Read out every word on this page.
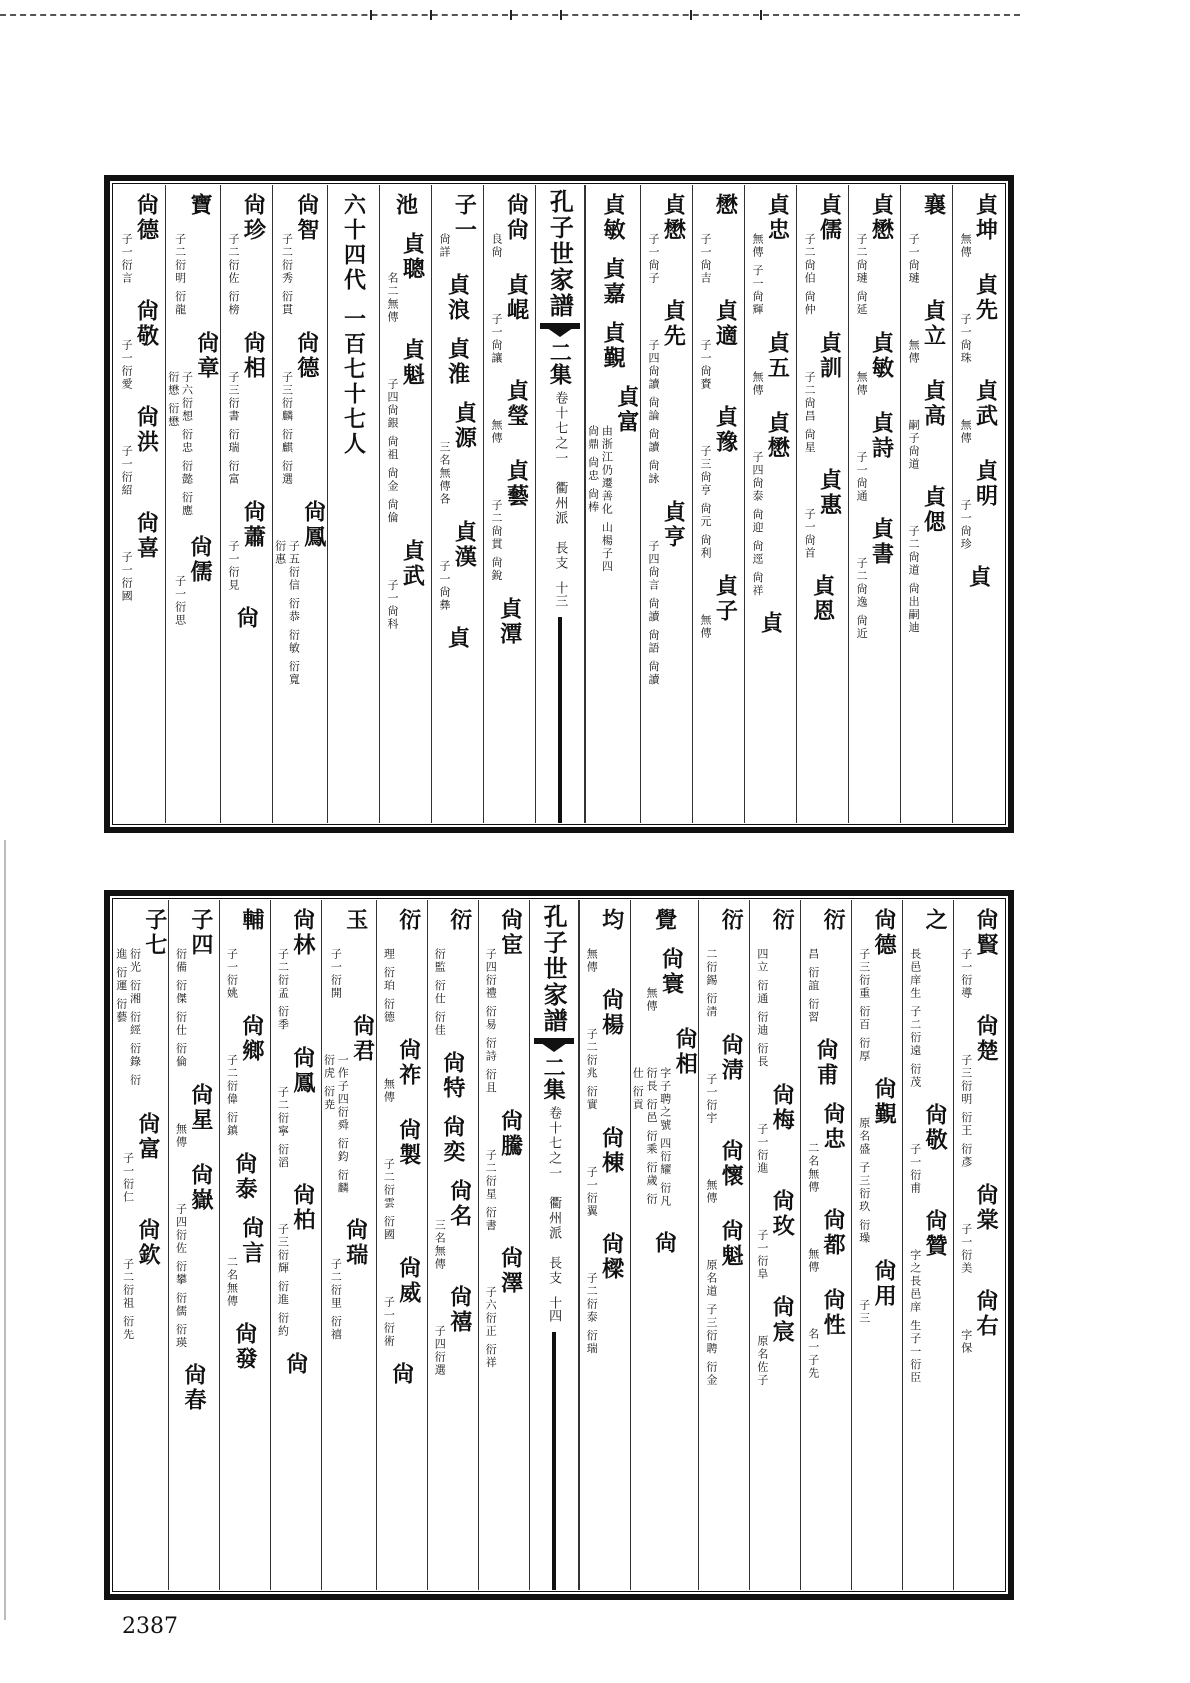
貞坤
無傳
貞先
子一尙珠
貞武
無傳
貞明
子一尙珍
貞
襄
子一尙璉
貞立
無傳
貞高
嗣子尙道
貞偲
子二尙道 尙出嗣迪
貞懋
子二尙璉 尙延
貞敏
無傳
貞詩
子一尙通
貞書
子二尙逸 尙近
貞儒
子二尙伯 尙仲
貞訓
子二尙昌 尙星
貞惠
子一尙首
貞恩
貞忠
無傳 子一尙輝
貞五
無傳
貞懋
子四尙泰 尙迎 尙逕 尙祥
貞
懋
子一尙吉
貞適
子一尙賚
貞豫
子三尙亨 尙元 尙利
貞子
無傳
貞懋
子一尙子
貞先
子四尙讀 尙論 尙讀 尙詠
貞亨
子四尙言 尙讀 尙語 尙讀
貞敏
貞嘉
貞覲
貞富
由浙江仍遷善化 山楊子四尙鼎 尙忠 尙棒
孔子世家譜
二集
卷十七之一　衢州派　長支
十三
尙尙
良尙
貞崐
子一尙讓
貞瑩
無傳
貞藝
子二尙貫 尙銳
貞潭
子一
尙詳
貞浪
貞淮
貞源
三名無傳各
貞漢
子一尙彝
貞
池
貞聰
名二無傳
貞魁
子四尙銀 尙祖 尙金 尙倫
貞武
子一尙科
六十四代
一百七十七人
尙智
子二衍秀 衍貫
尙德
子三衍麟 衍麒 衍選
尙鳳
子五衍信 衍恭 衍敏 衍寬 衍惠
尙珍
子二衍佐 衍榜
尙相
子三衍書 衍瑞 衍富
尙蕭
子一衍見
尙
寶
子二衍明 衍龍
尙章
子六衍想 衍忠 衍懿 衍應 衍懋 衍懋
尙儒
子一衍思
尙德
子一衍言
尙敬
子一衍愛
尙洪
子一衍紹
尙喜
子一衍國
尙賢
子一衍導
尙楚
子三衍明 衍王 衍彥
尙棠
子一衍美
尙右
字保
之
長邑庠生 子二衍遠 衍茂
尙敬
子一衍甫
尙贊
字之長邑庠 生子一衍臣
尙德
子三衍重 衍百 衍厚
尙覲
原名盛 子三衍玖 衍璪
尙用
子三
衍
昌 衍誼 衍習
尙甫
尙忠
二名無傳
尙都
無傳
尙性
名一子先
衍
四立 衍通 衍迪 衍長
尙梅
子一衍進
尙玫
子一衍阜
尙宸
原名佐子
衍
二衍錫 衍清
尙淸
子一衍宇
尙懷
無傳
尙魁
原名道 子三衍聘 衍金
覺
尙寰
無傳
尙相
字子聘之號 四衍耀 衍凡 衍長 衍邑 衍乘 衍歲 衍仕 衍貢
尙
均
無傳
尙楊
子二衍兆 衍實
尙棟
子一衍翼
尙樑
子二衍泰 衍瑞
孔子世家譜
二集
卷十七之一　衢州派　長支
十四
尙宦
子四衍禮 衍易 衍詩 衍且
尙騰
子二衍星 衍書
尙澤
子六衍正 衍祥
衍
衍監 衍仕 衍佳
尙特
尙奕
尙名
三名無傳
尙禧
子四衍選
衍
理 衍珀 衍德
尙祚
無傳
尙製
子二衍雲 衍國
尙威
子一衍術
尙
玉
子一衍開
尙君
一作子四衍舜 衍鈞 衍麟 衍虎 衍尭
尙瑞
子二衍里 衍禧
尙林
子二衍孟 衍季
尙鳳
子二衍寧 衍滔
尙柏
子三衍輝 衍進 衍約
尙
輔
子一衍姚
尙鄉
子二衍偉 衍鎮
尙泰
尙言
二名無傳
尙發
子四
衍備 衍傑 衍仕 衍倫
尙星
無傳
尙嶽
子四衍佐 衍攀 衍儒 衍瑛
尙春
子七
衍光 衍湘 衍經 衍錄 衍進 衍運 衍藝
尙富
子一衍仁
尙欽
子二衍祖 衍先
2387
